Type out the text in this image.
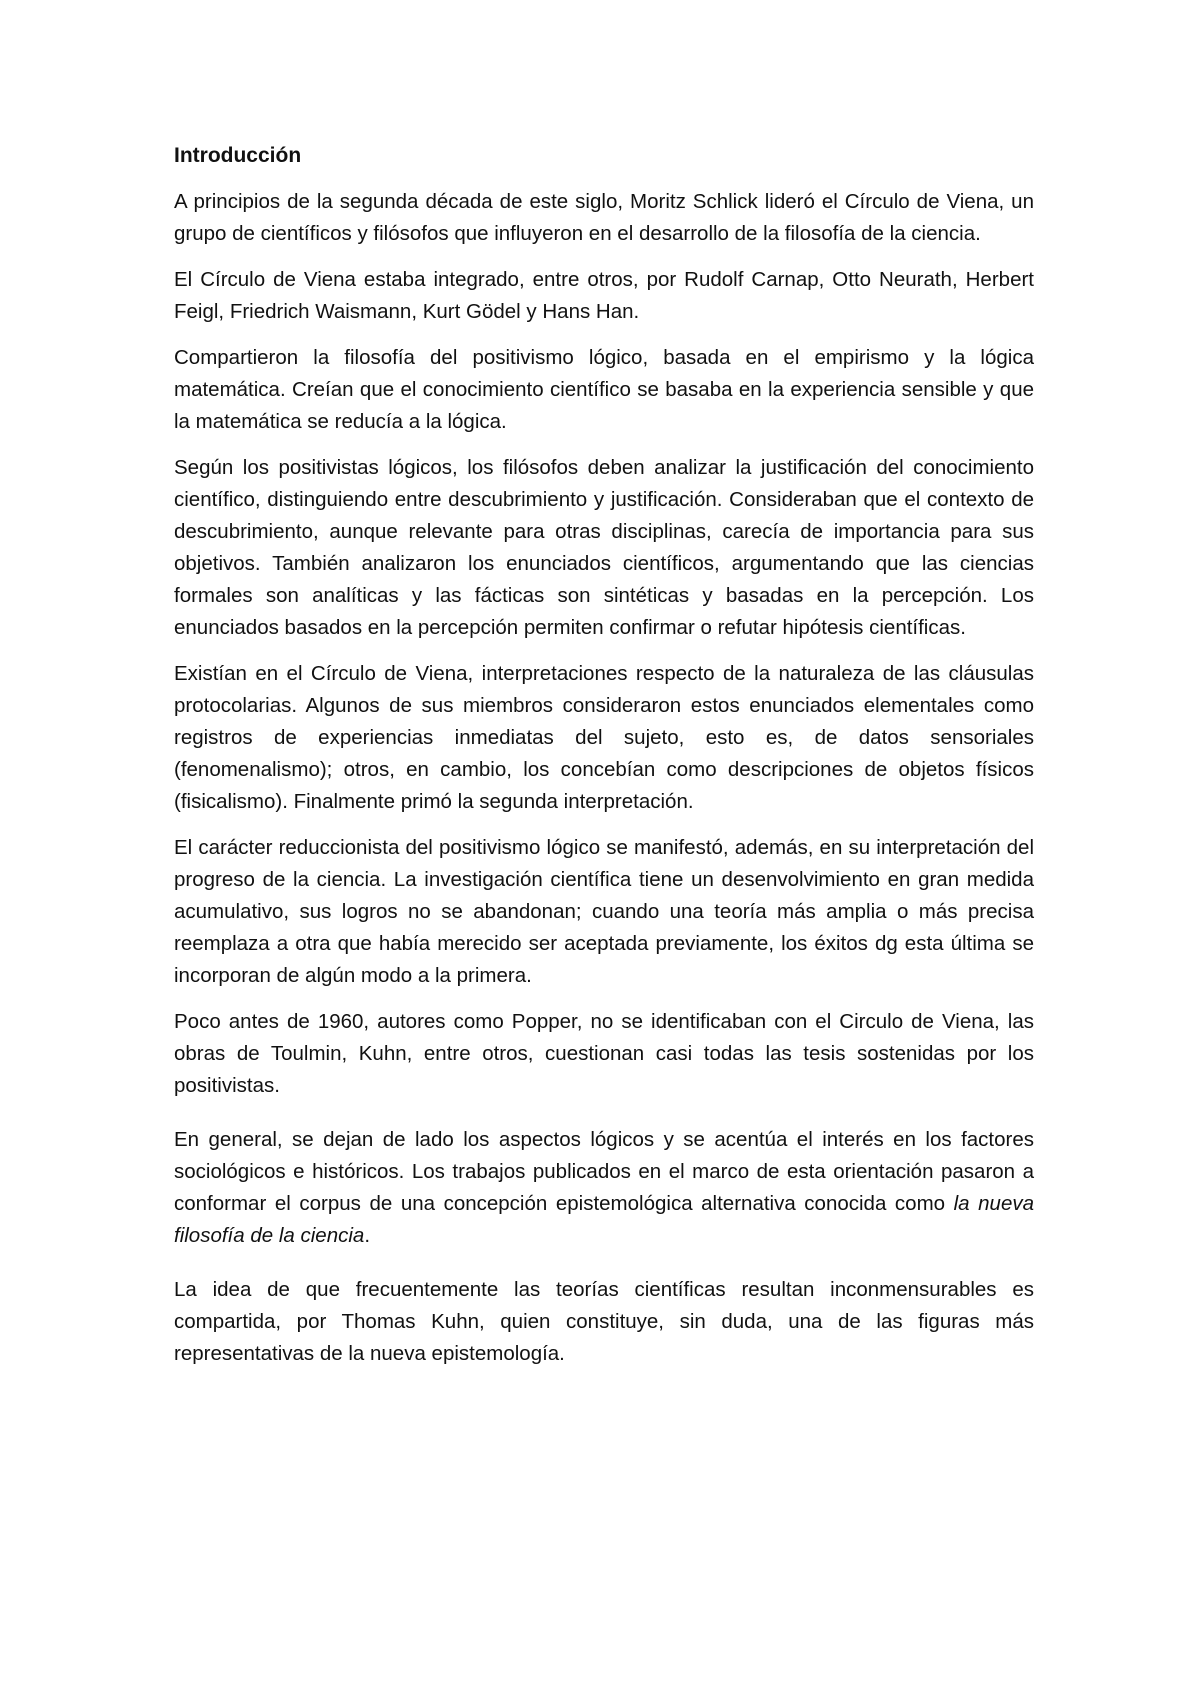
Introducción

A principios de la segunda década de este siglo, Moritz Schlick lideró el Círculo de Viena, un grupo de científicos y filósofos que influyeron en el desarrollo de la filosofía de la ciencia.

El Círculo de Viena estaba integrado, entre otros, por Rudolf Carnap, Otto Neurath, Herbert Feigl, Friedrich Waismann, Kurt Gödel y Hans Han.

Compartieron la filosofía del positivismo lógico, basada en el empirismo y la lógica matemática. Creían que el conocimiento científico se basaba en la experiencia sensible y que la matemática se reducía a la lógica.

Según los positivistas lógicos, los filósofos deben analizar la justificación del conocimiento científico, distinguiendo entre descubrimiento y justificación. Consideraban que el contexto de descubrimiento, aunque relevante para otras disciplinas, carecía de importancia para sus objetivos. También analizaron los enunciados científicos, argumentando que las ciencias formales son analíticas y las fácticas son sintéticas y basadas en la percepción. Los enunciados basados en la percepción permiten confirmar o refutar hipótesis científicas.

Existían en el Círculo de Viena, interpretaciones respecto de la naturaleza de las cláusulas protocolarias. Algunos de sus miembros consideraron estos enunciados elementales como registros de experiencias inmediatas del sujeto, esto es, de datos sensoriales (fenomenalismo); otros, en cambio, los concebían como descripciones de objetos físicos (fisicalismo). Finalmente primó la segunda interpretación.

El carácter reduccionista del positivismo lógico se manifestó, además, en su interpretación del progreso de la ciencia. La investigación científica tiene un desenvolvimiento en gran medida acumulativo, sus logros no se abandonan; cuando una teoría más amplia o más precisa reemplaza a otra que había merecido ser aceptada previamente, los éxitos dg esta última se incorporan de algún modo a la primera.

Poco antes de 1960, autores como Popper, no se identificaban con el Circulo de Viena, las obras de Toulmin, Kuhn, entre otros, cuestionan casi todas las tesis sostenidas por los positivistas.

En general, se dejan de lado los aspectos lógicos y se acentúa el interés en los factores sociológicos e históricos. Los trabajos publicados en el marco de esta orientación pasaron a conformar el corpus de una concepción epistemológica alternativa conocida como la nueva filosofía de la ciencia.

La idea de que frecuentemente las teorías científicas resultan inconmensurables es compartida, por Thomas Kuhn, quien constituye, sin duda, una de las figuras más representativas de la nueva epistemología.
